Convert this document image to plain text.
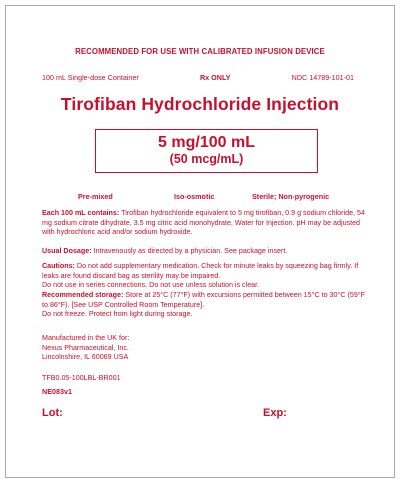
RECOMMENDED FOR USE WITH CALIBRATED INFUSION DEVICE
100 mL Single-dose Container	Rx ONLY	NDC 14789-101-01
Tirofiban Hydrochloride Injection
5 mg/100 mL
(50 mcg/mL)
Pre-mixed	Iso-osmotic	Sterile; Non-pyrogenic
Each 100 mL contains: Tirofiban hydrochloride equivalent to 5 mg tirofiban, 0.9 g sodium chloride, 54 mg sodium citrate dihydrate, 3.5 mg citric acid monohydrate, Water for Injection. pH may be adjusted with hydrochloric acid and/or sodium hydroxide.
Usual Dosage: Intravenously as directed by a physician. See package insert.
Cautions: Do not add supplementary medication. Check for minute leaks by squeezing bag firmly. If leaks are found discard bag as sterility may be impaired.
Do not use in series connections. Do not use unless solution is clear.
Recommended storage: Store at 25°C (77°F) with excursions permitted between 15°C to 30°C (59°F to 86°F). [See USP Controlled Room Temperature].
Do not freeze. Protect from light during storage.
Manufactured in the UK for:
Nexus Pharmaceutical, Inc.
Lincolnshire, IL 60069 USA
TFB0.05-100LBL-BR001
NE083v1
Lot:	Exp:
